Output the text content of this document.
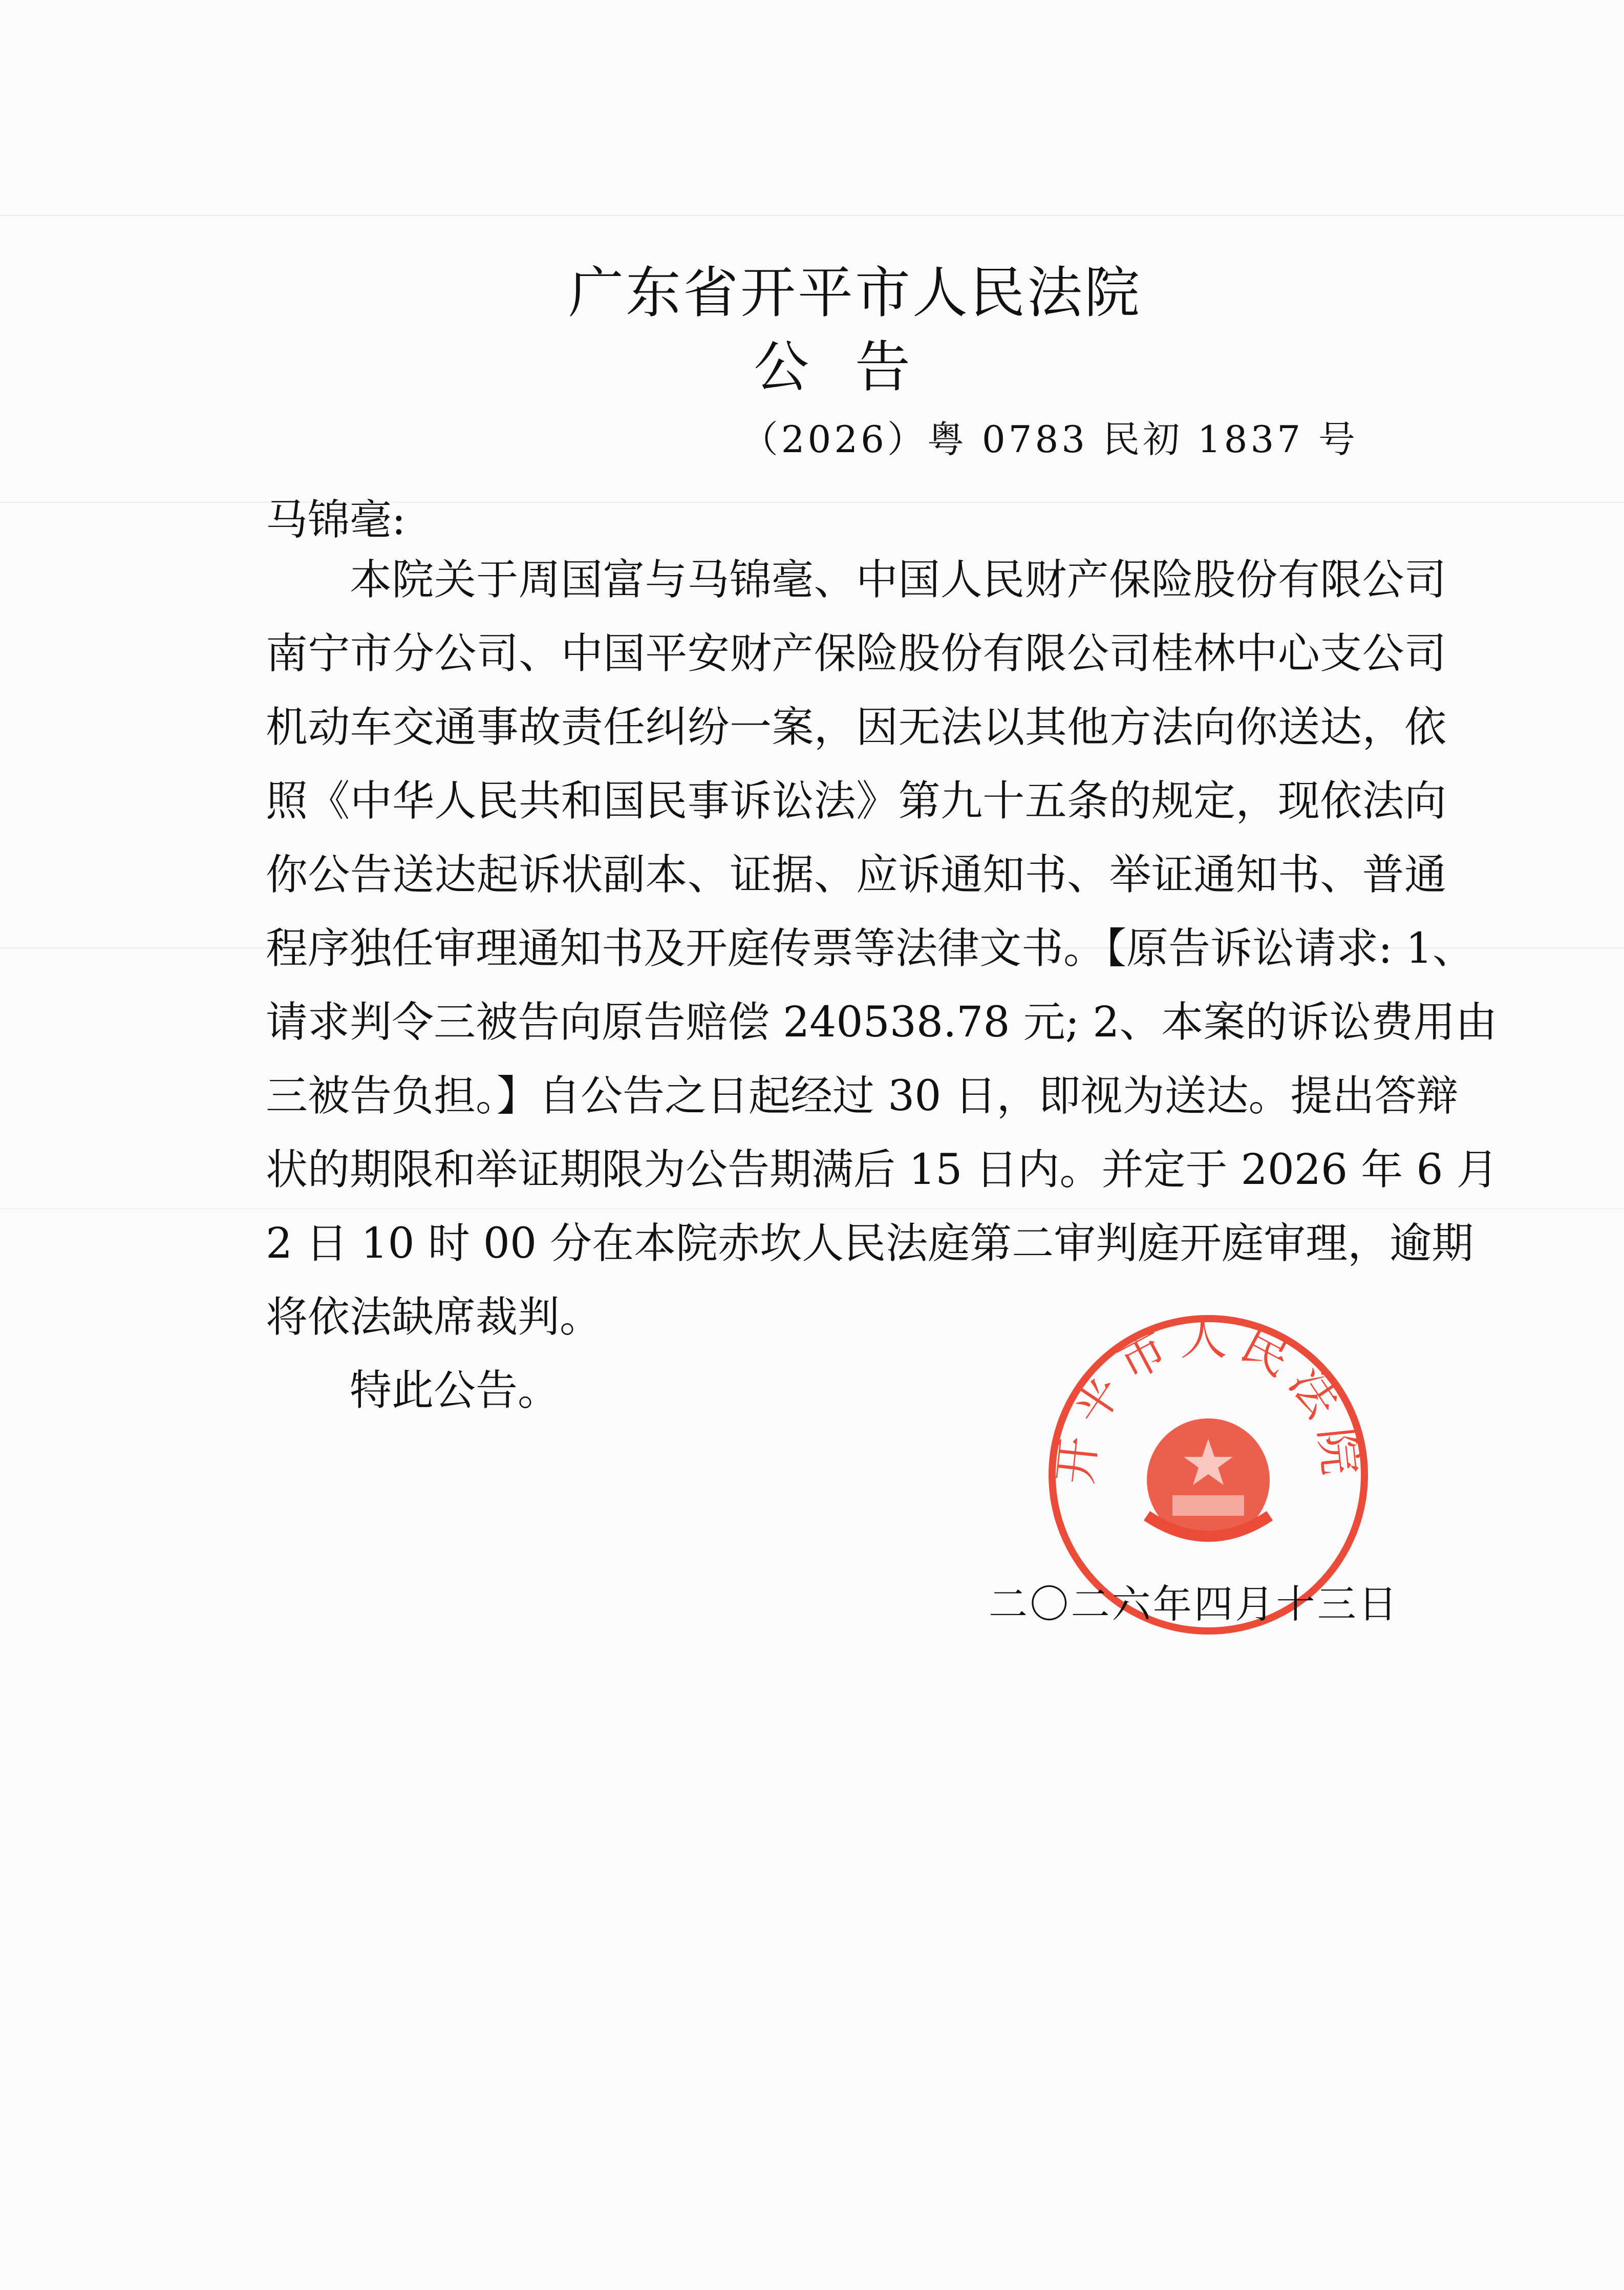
广东省开平市人民法院
公告
（2026）粤 0783 民初 1837 号
马锦毫:
本院关于周国富与马锦毫、中国人民财产保险股份有限公司
南宁市分公司、中国平安财产保险股份有限公司桂林中心支公司
机动车交通事故责任纠纷一案，因无法以其他方法向你送达，依
照《中华人民共和国民事诉讼法》第九十五条的规定，现依法向
你公告送达起诉状副本、证据、应诉通知书、举证通知书、普通
程序独任审理通知书及开庭传票等法律文书。【原告诉讼请求: 1、
请求判令三被告向原告赔偿 240538.78 元; 2、本案的诉讼费用由
三被告负担。】自公告之日起经过 30 日，即视为送达。提出答辩
状的期限和举证期限为公告期满后 15 日内。并定于 2026 年 6 月
2 日 10 时 00 分在本院赤坎人民法庭第二审判庭开庭审理，逾期
将依法缺席裁判。
特此公告。
开平市人民法院
二〇二六年四月十三日
